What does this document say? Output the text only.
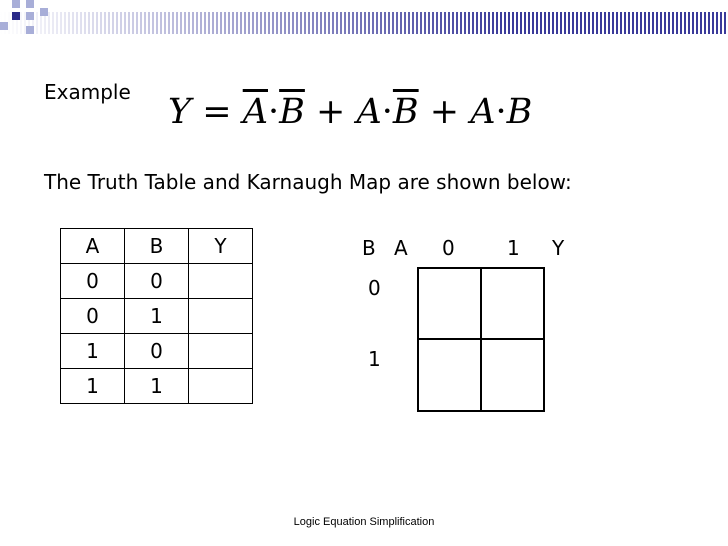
Example $Y = \overline{A}\cdot\overline{B} + A\cdot\overline{B} + A\cdot B$
The Truth Table and Karnaugh Map are shown below:
A	B	Y
0	0	
0	1	
1	0	
1	1	
B A 0	1 Y
0
1
Logic Equation Simplification
